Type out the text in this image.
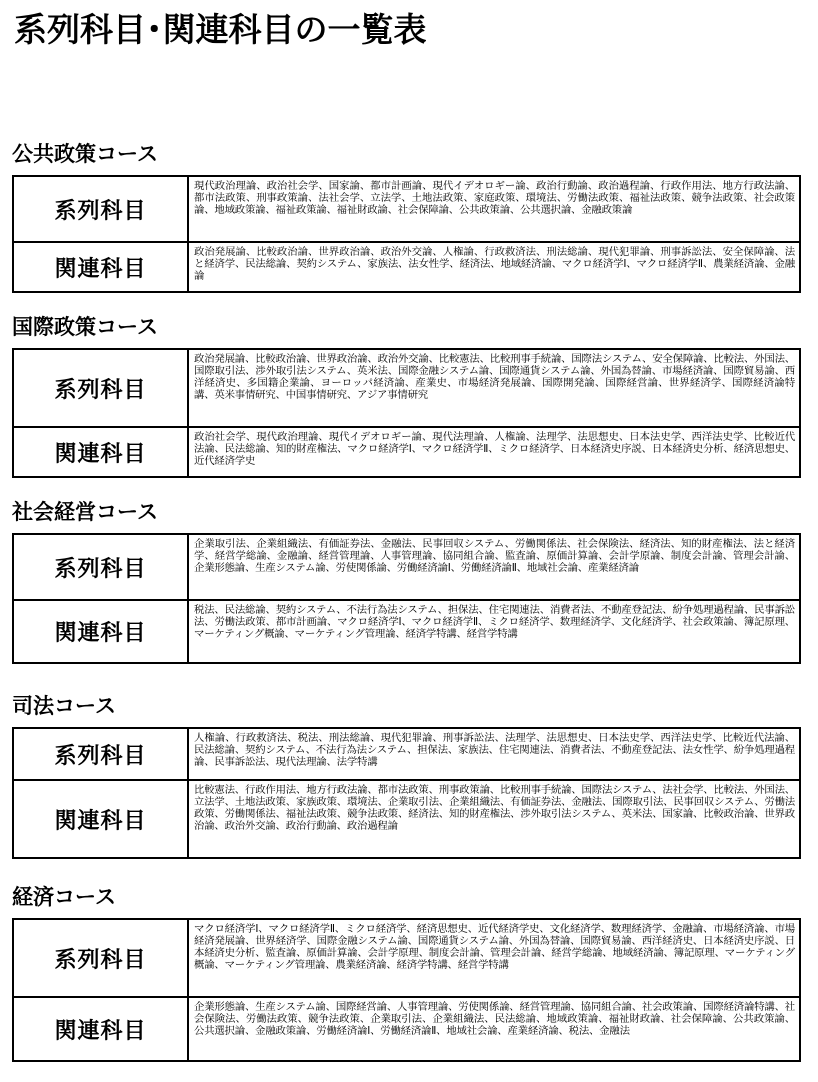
系列科目･関連科目の一覧表
公共政策コース
系列科目
現代政治理論、政治社会学、国家論、都市計画論、現代イデオロギー論、政治行動論、政治過程論、行政作用法、地方行政法論、都市法政策、刑事政策論、法社会学、立法学、土地法政策、家庭政策、環境法、労働法政策、福祉法政策、競争法政策、社会政策論、地域政策論、福祉政策論、福祉財政論、社会保障論、公共政策論、公共選択論、金融政策論
関連科目
政治発展論、比較政治論、世界政治論、政治外交論、人権論、行政救済法、刑法総論、現代犯罪論、刑事訴訟法、安全保障論、法と経済学、民法総論、契約システム、家族法、法女性学、経済法、地域経済論、マクロ経済学Ⅰ、マクロ経済学Ⅱ、農業経済論、金融論
国際政策コース
系列科目
政治発展論、比較政治論、世界政治論、政治外交論、比較憲法、比較刑事手続論、国際法システム、安全保障論、比較法、外国法、国際取引法、渉外取引法システム、英米法、国際金融システム論、国際通貨システム論、外国為替論、市場経済論、国際貿易論、西洋経済史、多国籍企業論、ヨーロッパ経済論、産業史、市場経済発展論、国際開発論、国際経営論、世界経済学、国際経済論特講、英米事情研究、中国事情研究、アジア事情研究
関連科目
政治社会学、現代政治理論、現代イデオロギー論、現代法理論、人権論、法理学、法思想史、日本法史学、西洋法史学、比較近代法論、民法総論、知的財産権法、マクロ経済学Ⅰ、マクロ経済学Ⅱ、ミクロ経済学、日本経済史序説、日本経済史分析、経済思想史、近代経済学史
社会経営コース
系列科目
企業取引法、企業組織法、有価証券法、金融法、民事回収システム、労働関係法、社会保険法、経済法、知的財産権法、法と経済学、経営学総論、金融論、経営管理論、人事管理論、協同組合論、監査論、原価計算論、会計学原論、制度会計論、管理会計論、企業形態論、生産システム論、労使関係論、労働経済論Ⅰ、労働経済論Ⅱ、地域社会論、産業経済論
関連科目
税法、民法総論、契約システム、不法行為法システム、担保法、住宅関連法、消費者法、不動産登記法、紛争処理過程論、民事訴訟法、労働法政策、都市計画論、マクロ経済学Ⅰ、マクロ経済学Ⅱ、ミクロ経済学、数理経済学、文化経済学、社会政策論、簿記原理、マーケティング概論、マーケティング管理論、経済学特講、経営学特講
司法コース
系列科目
人権論、行政救済法、税法、刑法総論、現代犯罪論、刑事訴訟法、法理学、法思想史、日本法史学、西洋法史学、比較近代法論、民法総論、契約システム、不法行為法システム、担保法、家族法、住宅関連法、消費者法、不動産登記法、法女性学、紛争処理過程論、民事訴訟法、現代法理論、法学特講
関連科目
比較憲法、行政作用法、地方行政法論、都市法政策、刑事政策論、比較刑事手続論、国際法システム、法社会学、比較法、外国法、立法学、土地法政策、家族政策、環境法、企業取引法、企業組織法、有価証券法、金融法、国際取引法、民事回収システム、労働法政策、労働関係法、福祉法政策、競争法政策、経済法、知的財産権法、渉外取引法システム、英米法、国家論、比較政治論、世界政治論、政治外交論、政治行動論、政治過程論
経済コース
系列科目
マクロ経済学Ⅰ、マクロ経済学Ⅱ、ミクロ経済学、経済思想史、近代経済学史、文化経済学、数理経済学、金融論、市場経済論、市場経済発展論、世界経済学、国際金融システム論、国際通貨システム論、外国為替論、国際貿易論、西洋経済史、日本経済史序説、日本経済史分析、監査論、原価計算論、会計学原理、制度会計論、管理会計論、経営学総論、地域経済論、簿記原理、マーケティング概論、マーケティング管理論、農業経済論、経済学特講、経営学特講
関連科目
企業形態論、生産システム論、国際経営論、人事管理論、労使関係論、経営管理論、協同組合論、社会政策論、国際経済論特講、社会保険法、労働法政策、競争法政策、企業取引法、企業組織法、民法総論、地域政策論、福祉財政論、社会保障論、公共政策論、公共選択論、金融政策論、労働経済論Ⅰ、労働経済論Ⅱ、地域社会論、産業経済論、税法、金融法
